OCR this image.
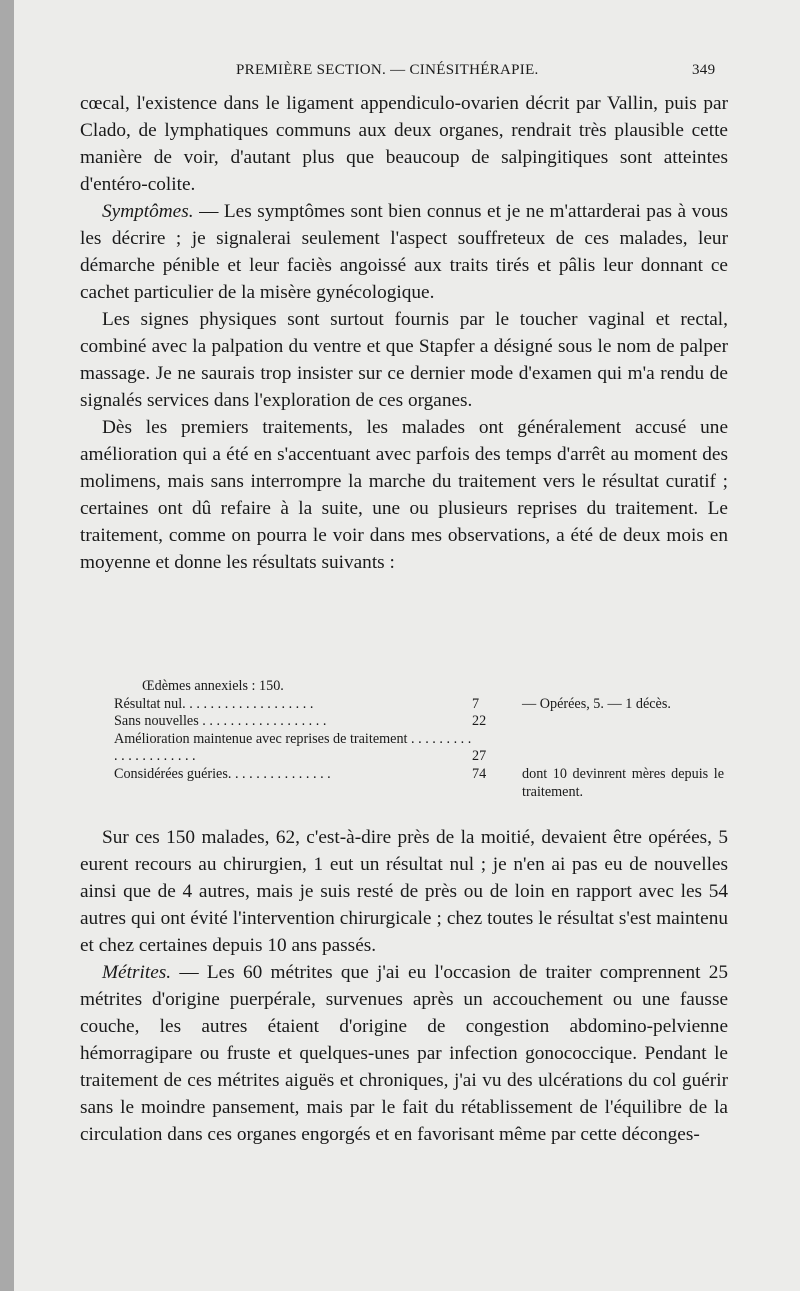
PREMIÈRE SECTION. — CINÉSITHÉRAPIE.	349

cœcal, l'existence dans le ligament appendiculo-ovarien décrit par Vallin, puis par Clado, de lymphatiques communs aux deux organes, rendrait très plausible cette manière de voir, d'autant plus que beaucoup de salpingitiques sont atteintes d'entéro-colite.

Symptômes. — Les symptômes sont bien connus et je ne m'attarderai pas à vous les décrire ; je signalerai seulement l'aspect souffreteux de ces malades, leur démarche pénible et leur faciès angoissé aux traits tirés et pâlis leur donnant ce cachet particulier de la misère gynécologique.

Les signes physiques sont surtout fournis par le toucher vaginal et rectal, combiné avec la palpation du ventre et que Stapfer a désigné sous le nom de palper massage. Je ne saurais trop insister sur ce dernier mode d'examen qui m'a rendu de signalés services dans l'exploration de ces organes.

Dès les premiers traitements, les malades ont généralement accusé une amélioration qui a été en s'accentuant avec parfois des temps d'arrêt au moment des molimens, mais sans interrompre la marche du traitement vers le résultat curatif ; certaines ont dû refaire à la suite, une ou plusieurs reprises du traitement. Le traitement, comme on pourra le voir dans mes observations, a été de deux mois en moyenne et donne les résultats suivants :

Œdèmes annexiels : 150.
Résultat nul. . . . . . . . . . . . . . . . . . .	7	— Opérées, 5. — 1 décès.
Sans nouvelles . . . . . . . . . . . . . . . . . .	22
Amélioration maintenue avec reprises de traitement . . . . . . . . . . . . . . . . . . . . .	27
Considérées guéries. . . . . . . . . . . . . . .	74	dont 10 devinrent mères depuis le traitement.

Sur ces 150 malades, 62, c'est-à-dire près de la moitié, devaient être opérées, 5 eurent recours au chirurgien, 1 eut un résultat nul ; je n'en ai pas eu de nouvelles ainsi que de 4 autres, mais je suis resté de près ou de loin en rapport avec les 54 autres qui ont évité l'intervention chirurgicale ; chez toutes le résultat s'est maintenu et chez certaines depuis 10 ans passés.

Métrites. — Les 60 métrites que j'ai eu l'occasion de traiter comprennent 25 métrites d'origine puerpérale, survenues après un accouchement ou une fausse couche, les autres étaient d'origine de congestion abdomino-pelvienne hémorragipare ou fruste et quelques-unes par infection gonococcique. Pendant le traitement de ces métrites aiguës et chroniques, j'ai vu des ulcérations du col guérir sans le moindre pansement, mais par le fait du rétablissement de l'équilibre de la circulation dans ces organes engorgés et en favorisant même par cette déconges-
